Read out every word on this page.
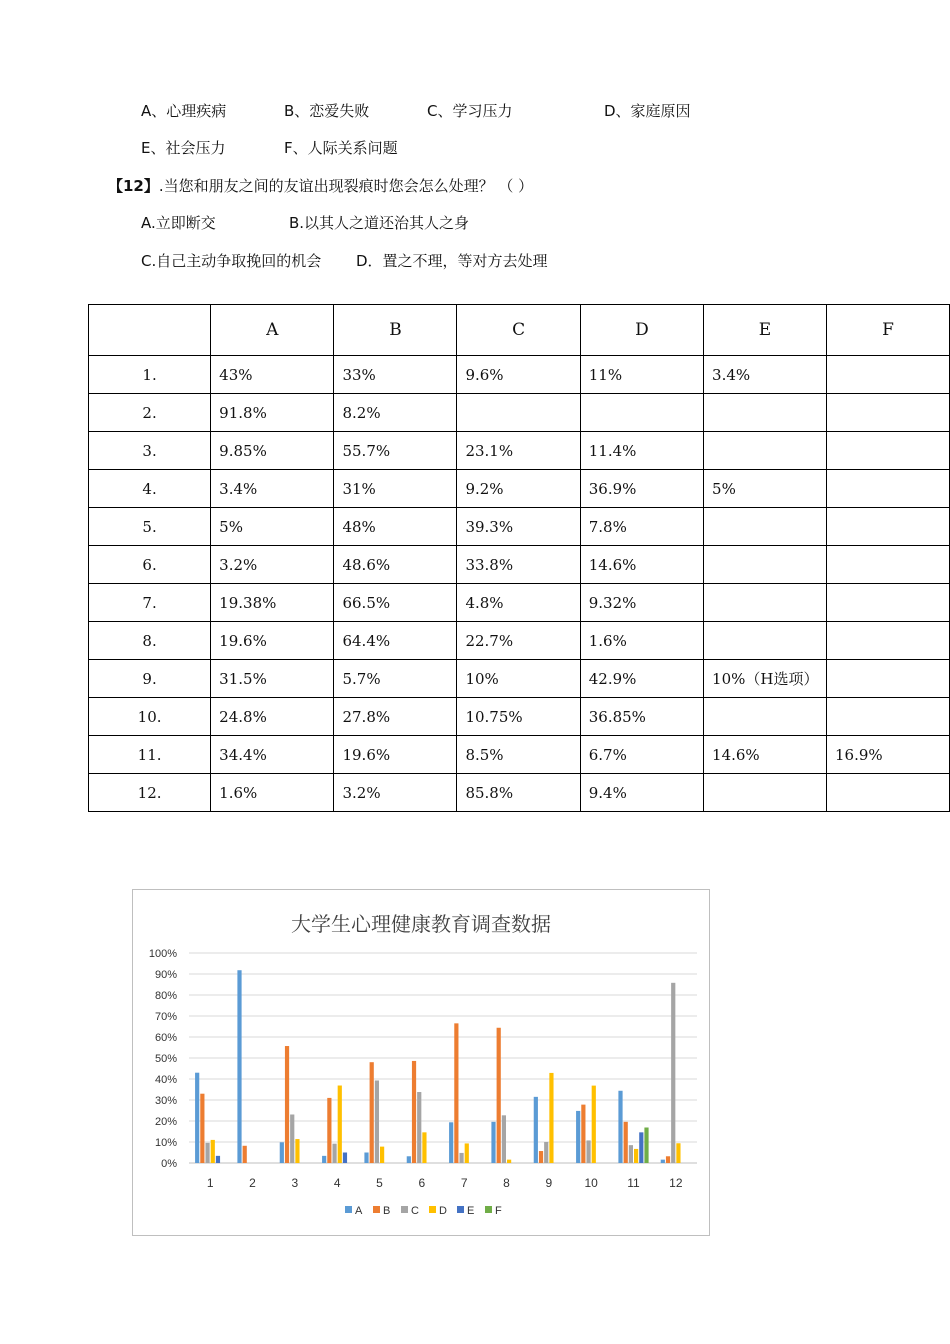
A、心理疾病	B、恋爱失败	C、学习压力	D、家庭原因
E、社会压力	F、人际关系问题
【12】.当您和朋友之间的友谊出现裂痕时您会怎么处理？ （ ）
A.立即断交	B.以其人之道还治其人之身
C.自己主动争取挽回的机会 D．置之不理，等对方去处理
	A	B	C	D	E	F
1.	43%	33%	9.6%	11%	3.4%	
2.	91.8%	8.2%				
3.	9.85%	55.7%	23.1%	11.4%		
4.	3.4%	31%	9.2%	36.9%	5%	
5.	5%	48%	39.3%	7.8%		
6.	3.2%	48.6%	33.8%	14.6%		
7.	19.38%	66.5%	4.8%	9.32%		
8.	19.6%	64.4%	22.7%	1.6%		
9.	31.5%	5.7%	10%	42.9%	10%（H选项）	
10.	24.8%	27.8%	10.75%	36.85%		
11.	34.4%	19.6%	8.5%	6.7%	14.6%	16.9%
12.	1.6%	3.2%	85.8%	9.4%		
大学生心理健康教育调查数据
0%
10%
20%
30%
40%
50%
60%
70%
80%
90%
100%
1	2	3	4	5	6	7	8	9	10 11 12
A B C D E F
